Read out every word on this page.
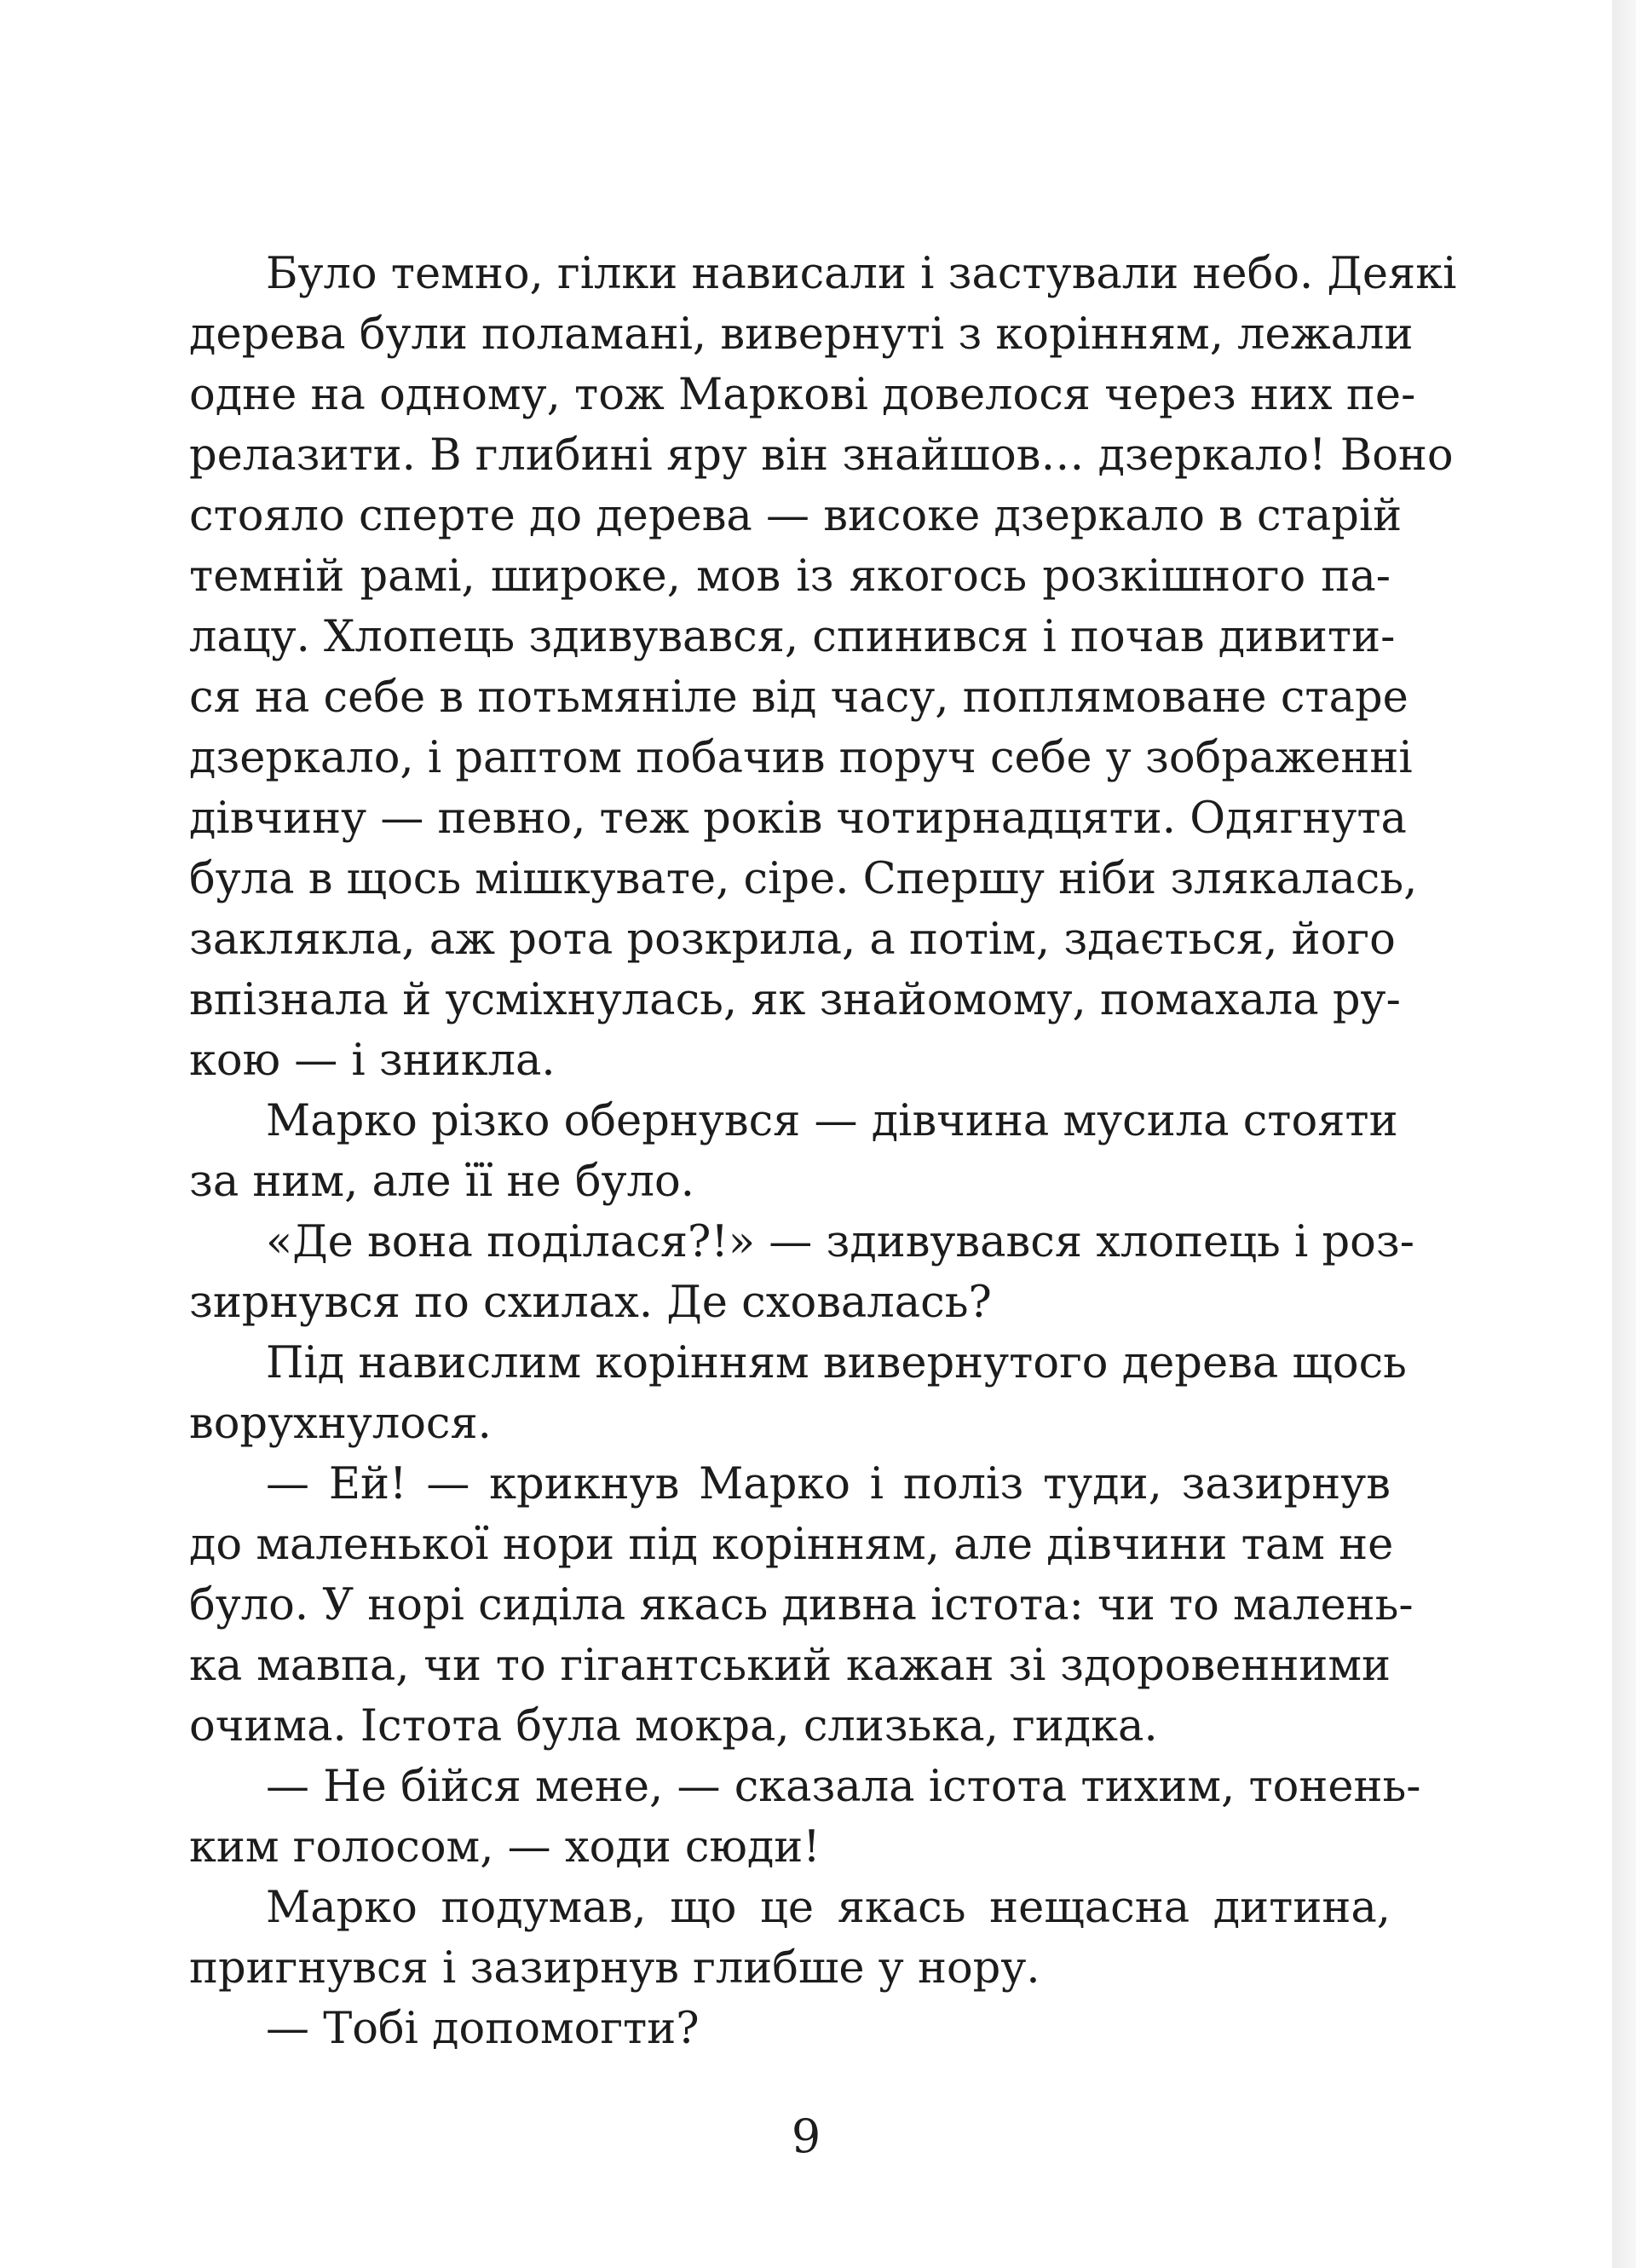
Було темно, гілки нависали і застували небо. Деякі
дерева були поламані, вивернуті з корінням, лежали
одне на одному, тож Маркові довелося через них пе-
релазити. В глибині яру він знайшов… дзеркало! Воно
стояло сперте до дерева — високе дзеркало в старій
темній рамі, широке, мов із якогось розкішного па-
лацу. Хлопець здивувався, спинився і почав дивити-
ся на себе в потьмяніле від часу, поплямоване старе
дзеркало, і раптом побачив поруч себе у зображенні
дівчину — певно, теж років чотирнадцяти. Одягнута
була в щось мішкувате, сіре. Спершу ніби злякалась,
заклякла, аж рота розкрила, а потім, здається, його
впізнала й усміхнулась, як знайомому, помахала ру-
кою — і зникла.
Марко різко обернувся — дівчина мусила стояти
за ним, але її не було.
«Де вона поділася?!» — здивувався хлопець і роз-
зирнувся по схилах. Де сховалась?
Під навислим корінням вивернутого дерева щось
ворухнулося.
— Ей! — крикнув Марко і поліз туди, зазирнув
до маленької нори під корінням, але дівчини там не
було. У норі сиділа якась дивна істота: чи то малень-
ка мавпа, чи то гігантський кажан зі здоровенними
очима. Істота була мокра, слизька, гидка.
— Не бійся мене, — сказала істота тихим, тонень-
ким голосом, — ходи сюди!
Марко подумав, що це якась нещасна дитина,
пригнувся і зазирнув глибше у нору.
— Тобі допомогти?
9
